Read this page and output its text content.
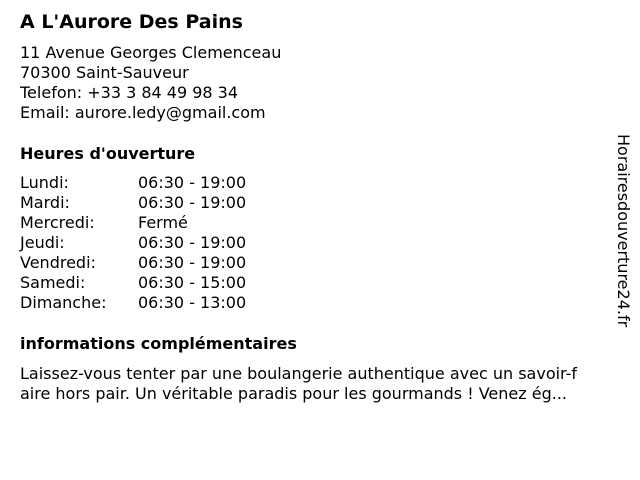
A L'Aurore Des Pains
11 Avenue Georges Clemenceau
70300 Saint-Sauveur
Telefon: +33 3 84 49 98 34
Email: aurore.ledy@gmail.com
Heures d'ouverture
Lundi:	06:30 - 19:00
Mardi:	06:30 - 19:00
Mercredi:	Fermé
Jeudi:	06:30 - 19:00
Vendredi:	06:30 - 19:00
Samedi:	06:30 - 15:00
Dimanche:	06:30 - 13:00
informations complémentaires
Laissez-vous tenter par une boulangerie authentique avec un savoir-f
aire hors pair. Un véritable paradis pour les gourmands ! Venez ég...
Horairesdouverture24.fr
